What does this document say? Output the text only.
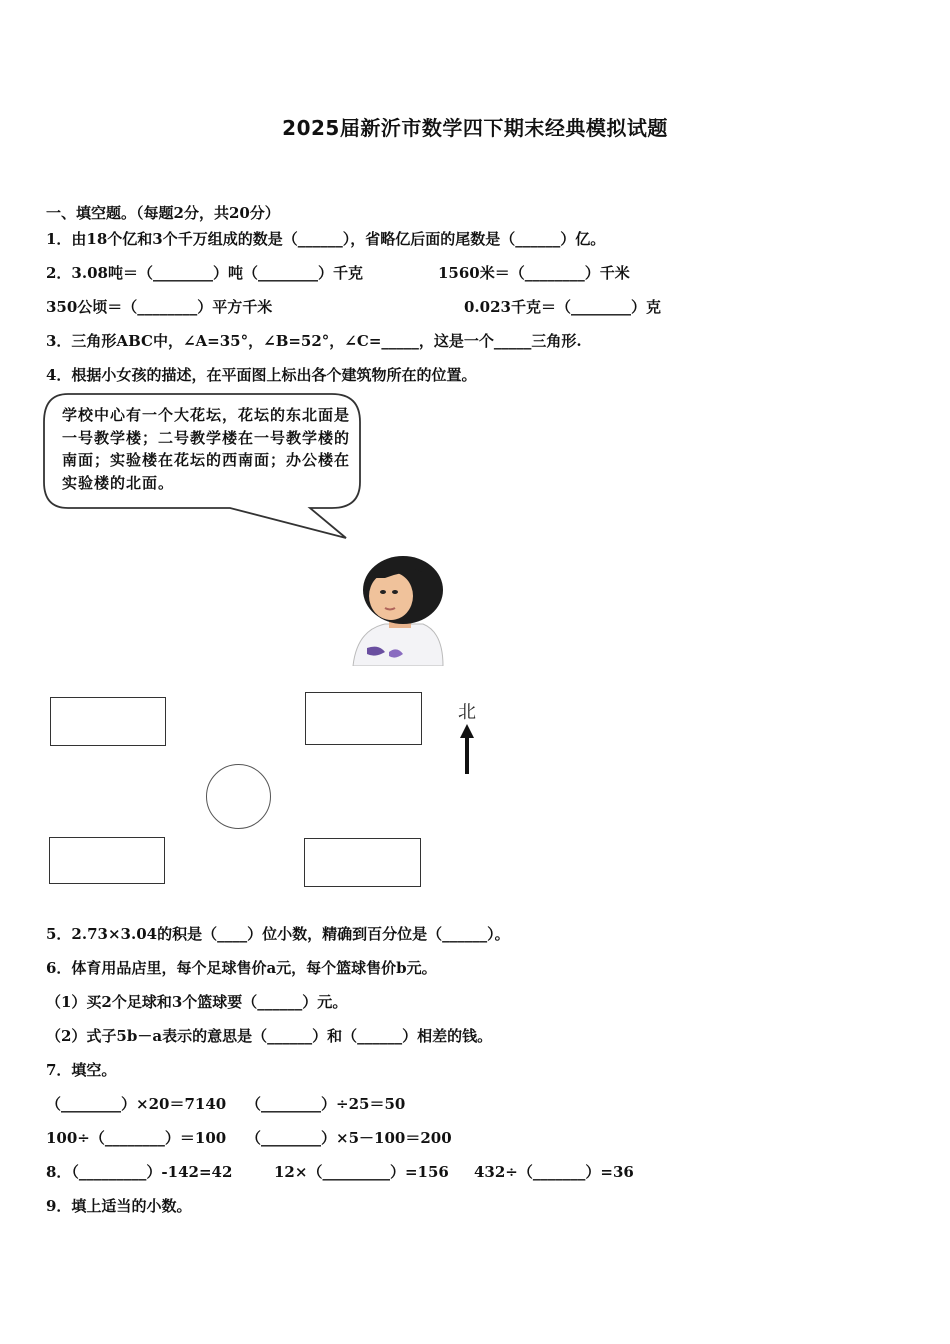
2025届新沂市数学四下期末经典模拟试题
一、填空题。（每题2分，共20分）
1．由18个亿和3个千万组成的数是（______），省略亿后面的尾数是（______）亿。
2．3.08吨＝（________）吨（________）千克	1560米＝（________）千米
350公顷＝（________）平方千米	0.023千克＝（________）克
3．三角形ABC中，∠A=35°，∠B=52°，∠C=_____，这是一个_____三角形.
4．根据小女孩的描述，在平面图上标出各个建筑物所在的位置。
学校中心有一个大花坛，花坛的东北面是一号教学楼；二号教学楼在一号教学楼的南面；实验楼在花坛的西南面；办公楼在实验楼的北面。
北
5．2.73×3.04的积是（____）位小数，精确到百分位是（______）。
6．体育用品店里，每个足球售价a元，每个篮球售价b元。
（1）买2个足球和3个篮球要（______）元。
（2）式子5b－a表示的意思是（______）和（______）相差的钱。
7．填空。
（________）×20＝7140 （________）÷25＝50
100÷（________）＝100 （________）×5－100＝200
8．（_________）-142=42	12×（_________）=156 432÷（_______）=36
9．填上适当的小数。
